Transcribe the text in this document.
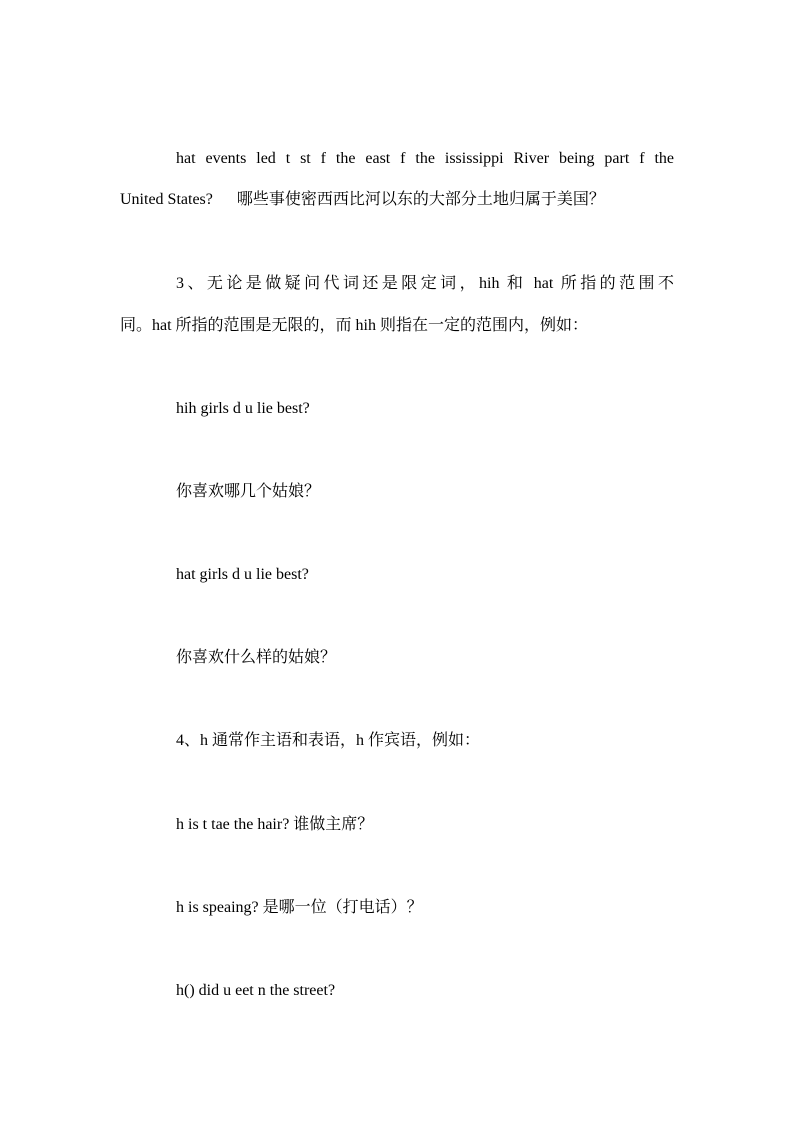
hat events led t st f the east f the ississippi River being part f the
United States? 哪些事使密西西比河以东的大部分土地归属于美国？
3、无论是做疑问代词还是限定词，hih 和 hat 所指的范围不
同。hat 所指的范围是无限的，而 hih 则指在一定的范围内，例如：
hih girls d u lie best?
你喜欢哪几个姑娘？
hat girls d u lie best?
你喜欢什么样的姑娘？
4、h 通常作主语和表语，h 作宾语，例如：
h is t tae the hair? 谁做主席？
h is speaing? 是哪一位（打电话）？
h() did u eet n the street?
